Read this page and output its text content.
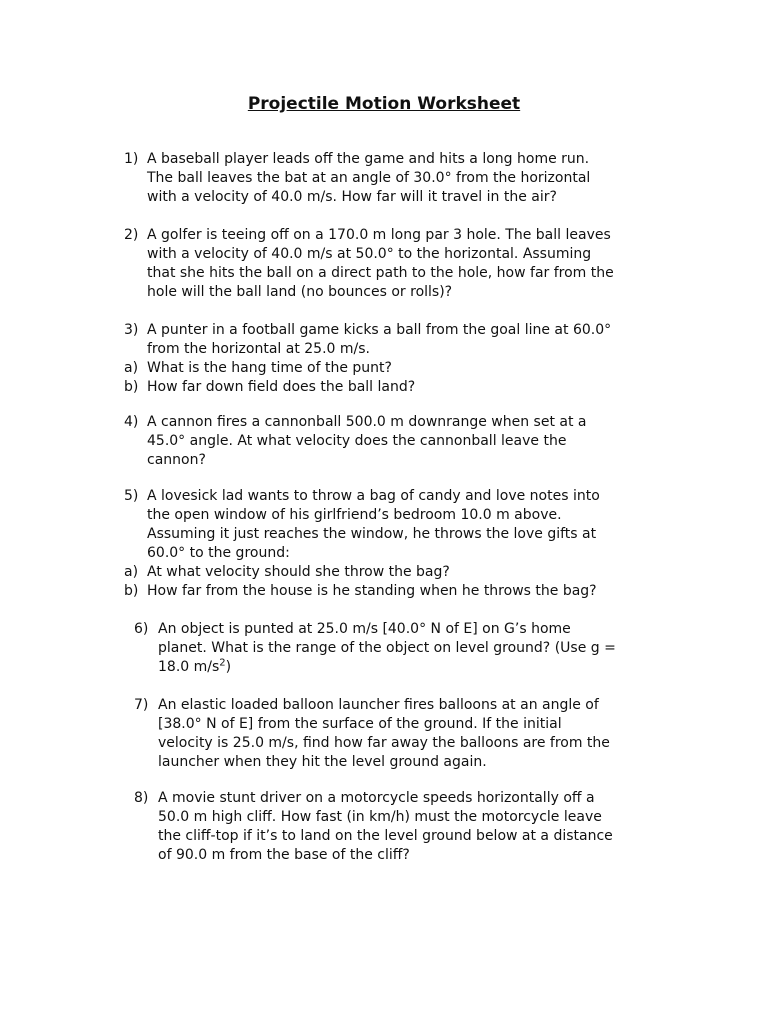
Projectile Motion Worksheet
1) A baseball player leads off the game and hits a long home run.
The ball leaves the bat at an angle of 30.0° from the horizontal
with a velocity of 40.0 m/s. How far will it travel in the air?
2) A golfer is teeing off on a 170.0 m long par 3 hole. The ball leaves
with a velocity of 40.0 m/s at 50.0° to the horizontal. Assuming
that she hits the ball on a direct path to the hole, how far from the
hole will the ball land (no bounces or rolls)?
3) A punter in a football game kicks a ball from the goal line at 60.0°
from the horizontal at 25.0 m/s.
a) What is the hang time of the punt?
b) How far down field does the ball land?
4) A cannon fires a cannonball 500.0 m downrange when set at a
45.0° angle. At what velocity does the cannonball leave the
cannon?
5) A lovesick lad wants to throw a bag of candy and love notes into
the open window of his girlfriend’s bedroom 10.0 m above.
Assuming it just reaches the window, he throws the love gifts at
60.0° to the ground:
a) At what velocity should she throw the bag?
b) How far from the house is he standing when he throws the bag?
6) An object is punted at 25.0 m/s [40.0° N of E] on G’s home
planet. What is the range of the object on level ground? (Use g =
18.0 $m/s^2$)
7) An elastic loaded balloon launcher fires balloons at an angle of
[38.0° N of E] from the surface of the ground. If the initial
velocity is 25.0 m/s, find how far away the balloons are from the
launcher when they hit the level ground again.
8) A movie stunt driver on a motorcycle speeds horizontally off a
50.0 m high cliff. How fast (in km/h) must the motorcycle leave
the cliff-top if it’s to land on the level ground below at a distance
of 90.0 m from the base of the cliff?
